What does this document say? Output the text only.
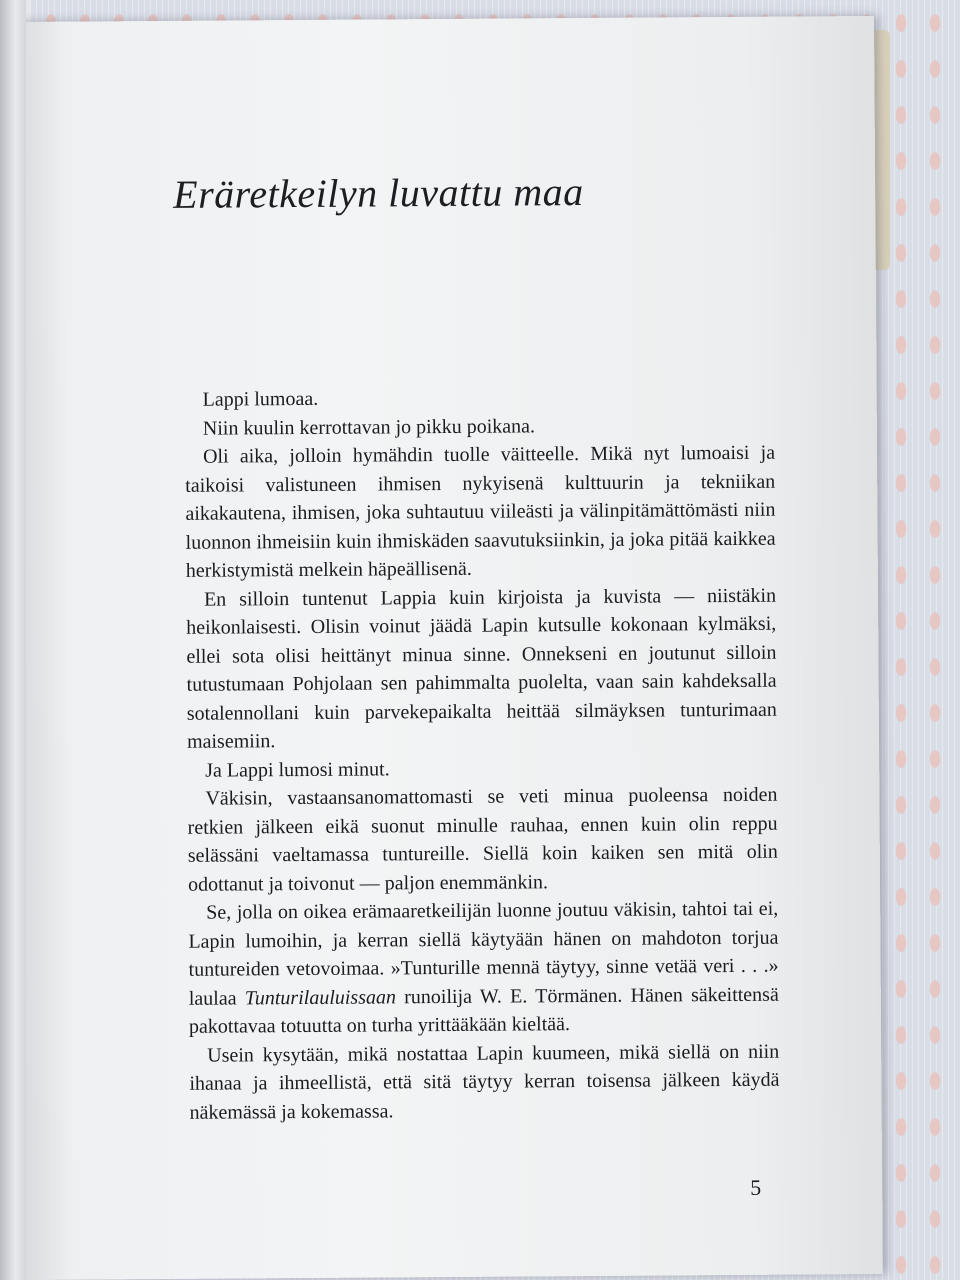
Eräretkeilyn luvattu maa

Lappi lumoaa.

Niin kuulin kerrottavan jo pikku poikana.

Oli aika, jolloin hymähdin tuolle väitteelle. Mikä nyt lumoaisi ja taikoisi valistuneen ihmisen nykyisenä kulttuurin ja tekniikan aikakautena, ihmisen, joka suhtautuu viileästi ja välinpitämättömästi niin luonnon ihmeisiin kuin ihmiskäden saavutuksiinkin, ja joka pitää kaikkea herkistymistä melkein häpeällisenä.

En silloin tuntenut Lappia kuin kirjoista ja kuvista — niistäkin heikonlaisesti. Olisin voinut jäädä Lapin kutsulle kokonaan kylmäksi, ellei sota olisi heittänyt minua sinne. Onnekseni en joutunut silloin tutustumaan Pohjolaan sen pahimmalta puolelta, vaan sain kahdeksalla sotalennollani kuin parvekepaikalta heittää silmäyksen tunturimaan maisemiin.

Ja Lappi lumosi minut.

Väkisin, vastaansanomattomasti se veti minua puoleensa noiden retkien jälkeen eikä suonut minulle rauhaa, ennen kuin olin reppu selässäni vaeltamassa tuntureille. Siellä koin kaiken sen mitä olin odottanut ja toivonut — paljon enemmänkin.

Se, jolla on oikea erämaaretkeilijän luonne joutuu väkisin, tahtoi tai ei, Lapin lumoihin, ja kerran siellä käytyään hänen on mahdoton torjua tuntureiden vetovoimaa. »Tunturille mennä täytyy, sinne vetää veri . . .» laulaa Tunturilauluissaan runoilija W. E. Törmänen. Hänen säkeittensä pakottavaa totuutta on turha yrittääkään kieltää.

Usein kysytään, mikä nostattaa Lapin kuumeen, mikä siellä on niin ihanaa ja ihmeellistä, että sitä täytyy kerran toisensa jälkeen käydä näkemässä ja kokemassa.

5
